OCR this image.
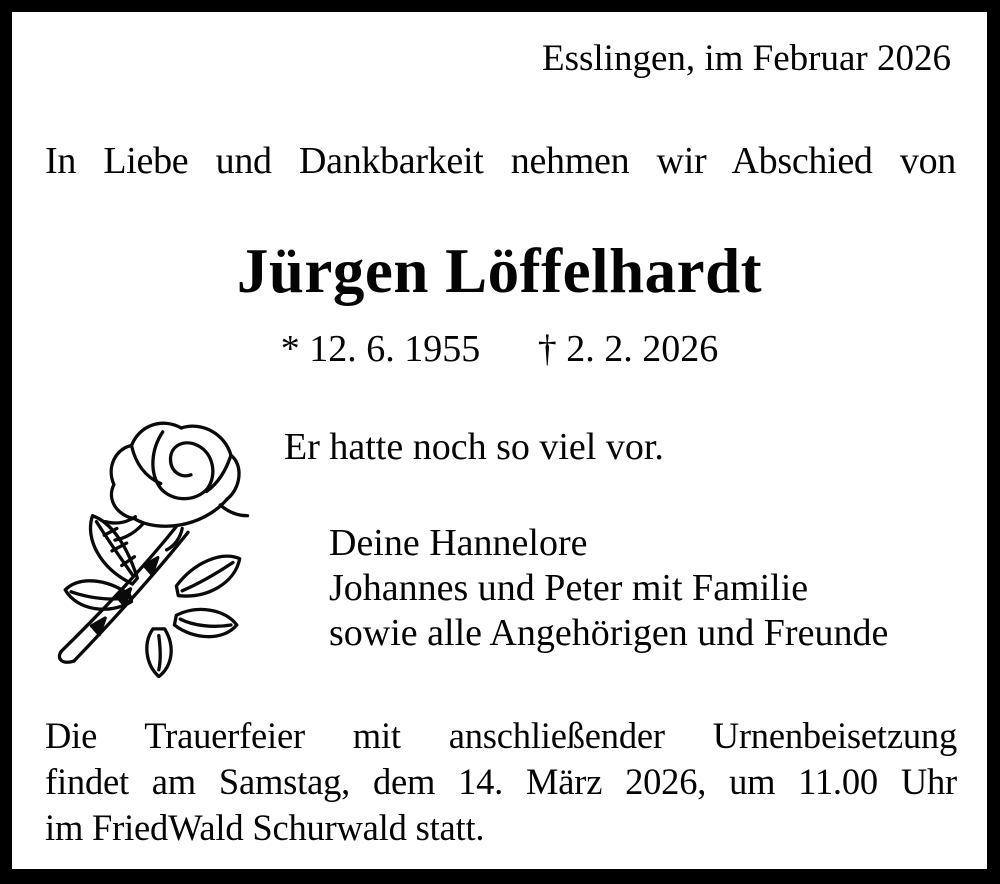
Esslingen, im Februar 2026
In Liebe und Dankbarkeit nehmen wir Abschied von
Jürgen Löffelhardt
* 12. 6. 1955 † 2. 2. 2026
Er hatte noch so viel vor.
Deine Hannelore
Johannes und Peter mit Familie
sowie alle Angehörigen und Freunde
Die Trauerfeier mit anschließender Urnenbeisetzung
findet am Samstag, dem 14. März 2026, um 11.00 Uhr
im FriedWald Schurwald statt.
